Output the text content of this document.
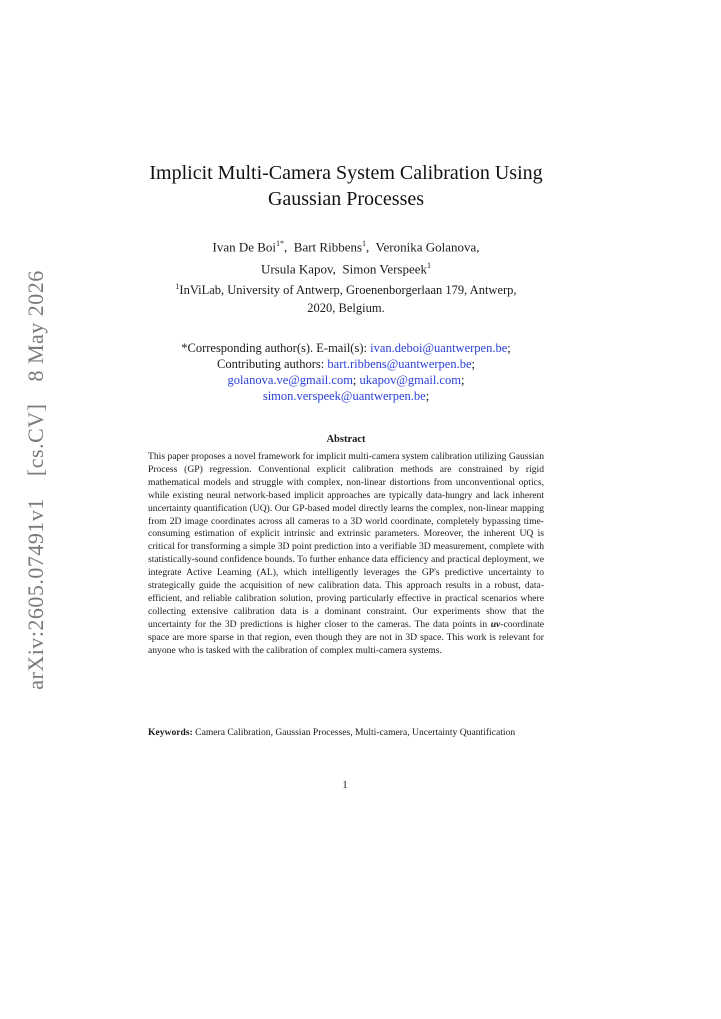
arXiv:2605.07491v1 [cs.CV] 8 May 2026
Implicit Multi-Camera System Calibration Using
Gaussian Processes
Ivan De Boi$^{1*}$,  Bart Ribbens$^1$,  Veronika Golanova,
Ursula Kapov, Simon Verspeek$^1$
$^1$InViLab, University of Antwerp, Groenenborgerlaan 179, Antwerp,
2020, Belgium.
*Corresponding author(s). E-mail(s): ivan.deboi@uantwerpen.be;
Contributing authors: bart.ribbens@uantwerpen.be;
golanova.ve@gmail.com; ukapov@gmail.com;
simon.verspeek@uantwerpen.be;
Abstract
This paper proposes a novel framework for implicit multi-camera system calibration utilizing Gaussian Process (GP) regression. Conventional explicit calibration methods are constrained by rigid mathematical models and struggle with complex, non-linear distortions from unconventional optics, while existing neural network-based implicit approaches are typically data-hungry and lack inherent uncertainty quantification (UQ). Our GP-based model directly learns the complex, non-linear mapping from 2D image coordinates across all cameras to a 3D world coordinate, completely bypassing time-consuming estimation of explicit intrinsic and extrinsic parameters. Moreover, the inherent UQ is critical for transforming a simple 3D point prediction into a verifiable 3D measurement, complete with statistically-sound confidence bounds. To further enhance data efficiency and practical deployment, we integrate Active Learning (AL), which intelligently leverages the GP's predictive uncertainty to strategically guide the acquisition of new calibration data. This approach results in a robust, data-efficient, and reliable calibration solution, proving particularly effective in practical scenarios where collecting extensive calibration data is a dominant constraint. Our experiments show that the uncertainty for the 3D predictions is higher closer to the cameras. The data points in uv-coordinate space are more sparse in that region, even though they are not in 3D space. This work is relevant for anyone who is tasked with the calibration of complex multi-camera systems.
Keywords: Camera Calibration, Gaussian Processes, Multi-camera, Uncertainty Quantification
1
